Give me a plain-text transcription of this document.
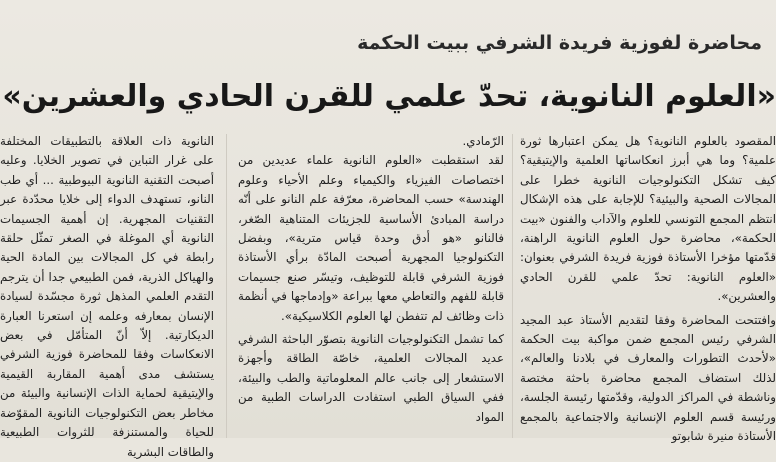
محاضرة لفوزية فريدة الشرفي ببيت الحكمة
«العلوم النانوية، تحدّ علمي للقرن الحادي والعشرين»

المقصود بالعلوم النانوية؟ هل يمكن اعتبارها ثورة علمية؟ وما هي أبرز انعكاساتها العلمية والإيتيقية؟ كيف تشكل التكنولوجيات النانوية خطرا على المجالات الصحية والبيئية؟ للإجابة على هذه الإشكال انتظم المجمع التونسي للعلوم والآداب والفنون «بيت الحكمة»، محاضرة حول العلوم النانوية الراهنة، قدّمتها مؤخرا الأستاذة فوزية فريدة الشرفي بعنوان: «العلوم النانوية: تحدّ علمي للقرن الحادي والعشرين».

وافتتحت المحاضرة وفقا لتقديم الأستاذ عبد المجيد الشرفي رئيس المجمع ضمن مواكبة بيت الحكمة «لأحدث التطورات والمعارف في بلادنا والعالم»، لذلك استضاف المجمع محاضرة باحثة مختصة وناشطة في المراكز الدولية، وقدّمتها رئيسة الجلسة، ورئيسة قسم العلوم الإنسانية والاجتماعية بالمجمع الأستاذة منيرة شابوتو

الرّمادي.

لقد استقطبت «العلوم النانوية علماء عديدين من اختصاصات الفيزياء والكيمياء وعلم الأحياء وعلوم الهندسة» حسب المحاضرة، معرّفة علم النانو على أنّه دراسة المبادئ الأساسية للجزيئات المتناهية الصّغر، فالنانو «هو أدق وحدة قياس مترية»، وبفضل التكنولوجيا المجهرية أصبحت المادّة برأي الأستاذة فوزية الشرفي قابلة للتوظيف، وتيسّر صنع جسيمات قابلة للفهم والتعاطي معها ببراعة «وإدماجها في أنظمة ذات وظائف لم تتفطن لها العلوم الكلاسيكية».

كما تشمل التكنولوجيات النانوية بتصوّر الباحثة الشرفي عديد المجالات العلمية، خاصّة الطاقة وأجهزة الاستشعار إلى جانب عالم المعلوماتية والطب والبيئة، ففي السياق الطبي استفادت الدراسات الطبية من المواد

النانوية ذات العلاقة بالتطبيقات المختلفة على غرار التباين في تصوير الخلايا. وعليه أصبحت التقنية النانوية البيوطبية ... أي طب النانو، تستهدف الدواء إلى خلايا محدّدة عبر التقنيات المجهرية. إن أهمية الجسيمات النانوية أي الموغلة في الصغر تمثّل حلقة رابطة في كل المجالات بين المادة الحية والهياكل الذرية، فمن الطبيعي جدا أن يترجم التقدم العلمي المذهل ثورة مجسّدة لسيادة الإنسان بمعارفه وعلمه إن استعرنا العبارة الديكارتية. إلاّ أنّ المتأمّل في بعض الانعكاسات وفقا للمحاضرة فوزية الشرفي يستشف مدى أهمية المقاربة القيمية والإيتيقية لحماية الذات الإنسانية والبيئة من مخاطر بعض التكنولوجيات النانوية المقوّضة للحياة والمستنزفة للثروات الطبيعية والطاقات البشرية
